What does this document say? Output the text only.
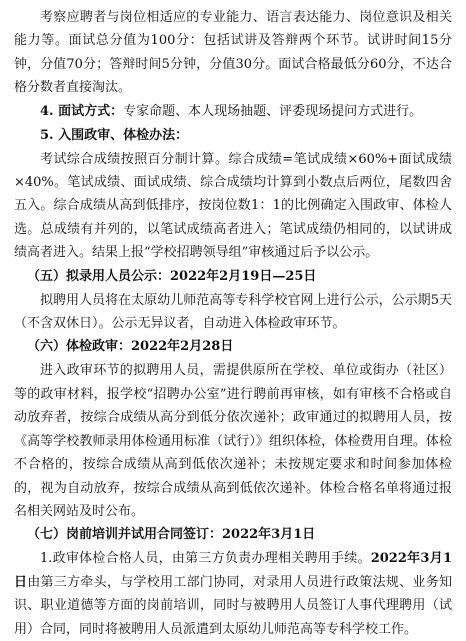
考察应聘者与岗位相适应的专业能力、语言表达能力、岗位意识及相关能力等。面试总分值为100分：包括试讲及答辩两个环节。试讲时间15分钟，分值70分；答辩时间5分钟，分值30分。面试合格最低分60分，不达合格分数者直接淘汰。

4. 面试方式：专家命题、本人现场抽题、评委现场提问方式进行。

5. 入围政审、体检办法：

考试综合成绩按照百分制计算。综合成绩=笔试成绩×60%+面试成绩×40%。笔试成绩、面试成绩、综合成绩均计算到小数点后两位，尾数四舍五入。综合成绩从高到低排序，按岗位数1：1的比例确定入围政审、体检人选。总成绩有并列的，以笔试成绩高者进入；笔试成绩仍相同的，以试讲成绩高者进入。结果上报“学校招聘领导组”审核通过后予以公示。

（五）拟录用人员公示：2022年2月19日—25日

拟聘用人员将在太原幼儿师范高等专科学校官网上进行公示，公示期5天（不含双休日）。公示无异议者，自动进入体检政审环节。

（六）体检政审：2022年2月28日

进入政审环节的拟聘用人员，需提供原所在学校、单位或街办（社区）等的政审材料，报学校“招聘办公室”进行聘前再审核，如有审核不合格或自动放弃者，按综合成绩从高分到低分依次递补；政审通过的拟聘用人员，按《高等学校教师录用体检通用标准（试行）》组织体检，体检费用自理。体检不合格的，按综合成绩从高到低依次递补；未按规定要求和时间参加体检的，视为自动放弃，按综合成绩从高到低依次递补。体检合格名单将通过报名相关网站及时公布。

（七）岗前培训并试用合同签订：2022年3月1日

1.政审体检合格人员，由第三方负责办理相关聘用手续。2022年3月1日由第三方牵头，与学校用工部门协同，对录用人员进行政策法规、业务知识、职业道德等方面的岗前培训，同时与被聘用人员签订人事代理聘用（试用）合同，同时将被聘用人员派遣到太原幼儿师范高等专科学校工作。
